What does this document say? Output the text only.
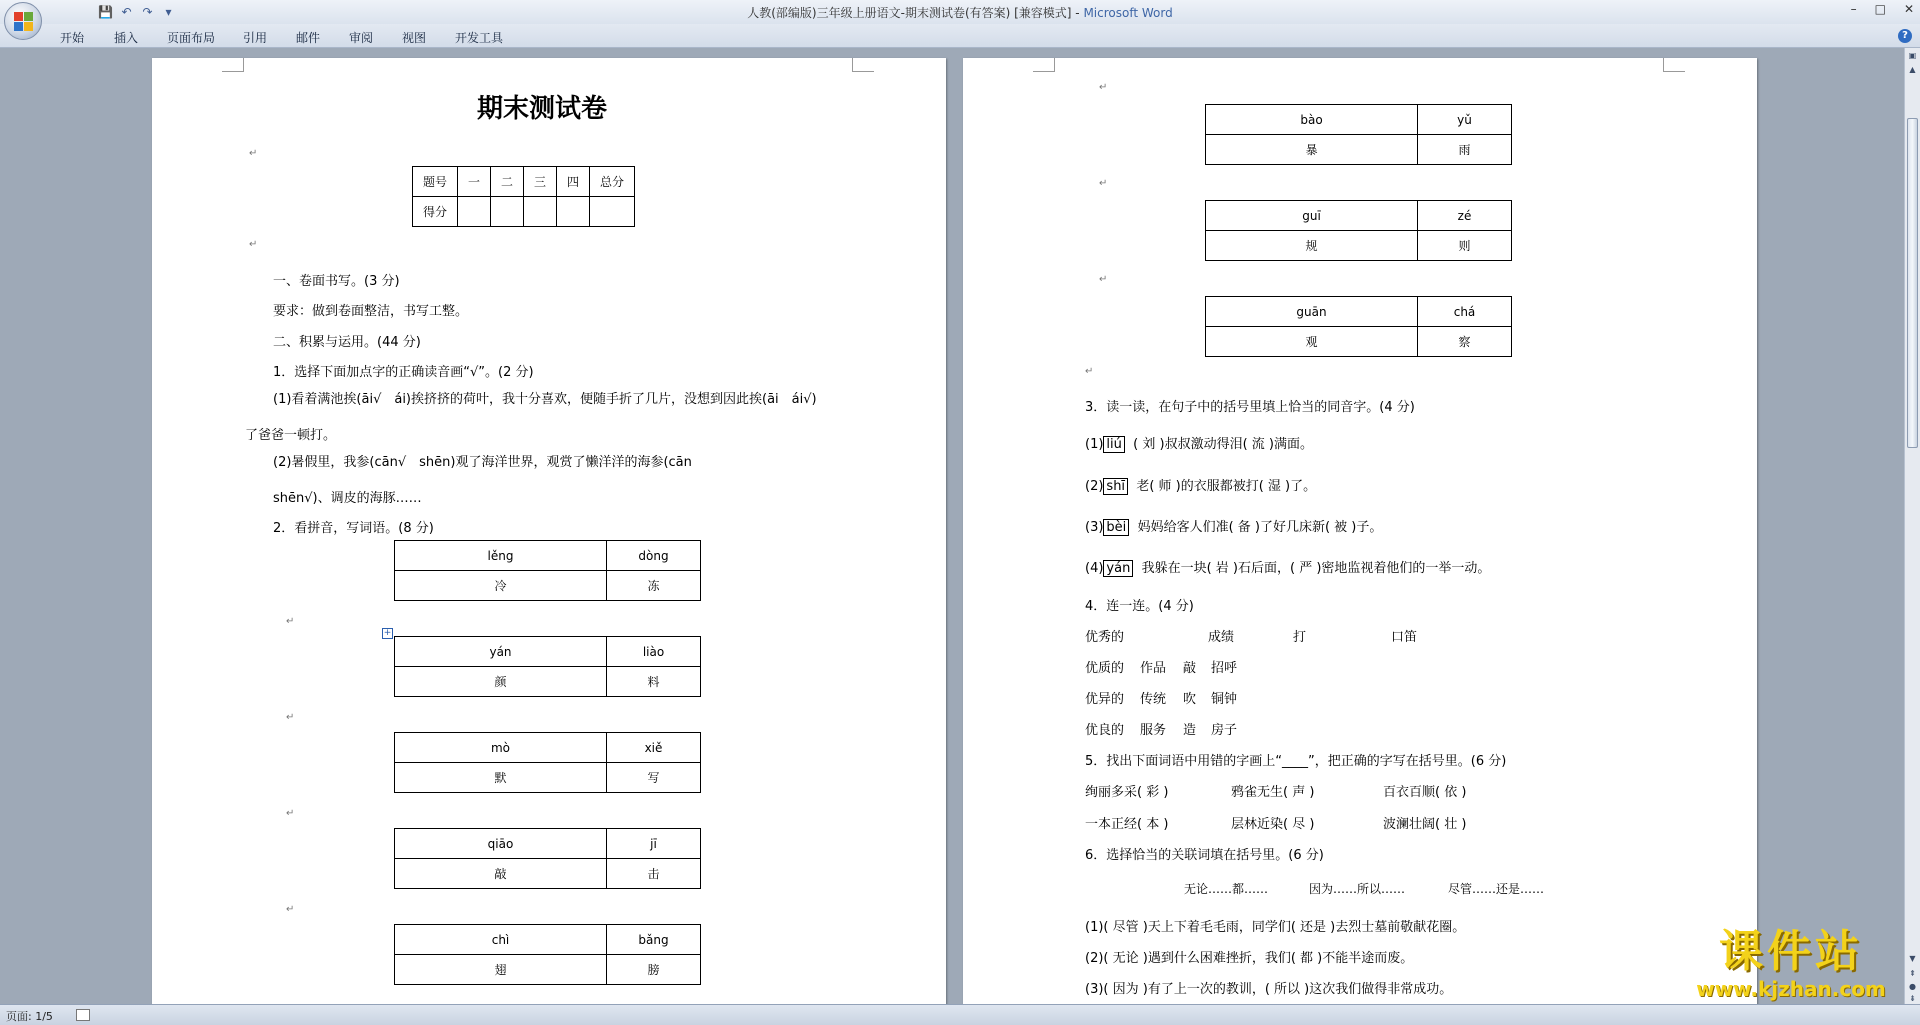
💾 ↶ ↷	▾	人教(部编版)三年级上册语文-期末测试卷(有答案) [兼容模式] - Microsoft Word	– □ ✕
开始 插入 页面布局 引用 邮件 审阅 视图 开发工具	?
期末测试卷
↵
题号	一	二	三	四	总分
得分					
↵
一、卷面书写。(3 分)
要求：做到卷面整洁，书写工整。
二、积累与运用。(44 分)
1．选择下面加点字的正确读音画“√”。(2 分)
(1)看着满池挨(āi√　ái)挨挤挤的荷叶，我十分喜欢，便随手折了几片，没想到因此挨(āi　ái√)
了爸爸一顿打。
(2)暑假里，我参(cān√　shēn)观了海洋世界，观赏了懒洋洋的海参(cān
shēn√)、调皮的海豚……
2．看拼音，写词语。(8 分)
lěng	dòng
冷	冻
↵
+
yán	liào
颜	料
↵
mò	xiě
默	写
↵
qiāo	jī
敲	击
↵
chì	bǎng
翅	膀
↵
bào	yǔ
暴	雨
↵
guī	zé
规	则
↵
guān	chá
观	察
↵
3．读一读，在句子中的括号里填上恰当的同音字。(4 分)
(1) liú ( 刘 )叔叔激动得泪( 流 )满面。
(2) shī 老( 师 )的衣服都被打( 湿 )了。
(3) bèi 妈妈给客人们准( 备 )了好几床新( 被 )子。
(4) yán 我躲在一块( 岩 )石后面，( 严 )密地监视着他们的一举一动。
4．连一连。(4 分)
优秀的	成绩	打	口笛
优质的 作品 敲 招呼
优异的 传统 吹 铜钟
优良的 服务 造 房子
5．找出下面词语中用错的字画上“____”，把正确的字写在括号里。(6 分)
绚丽多采( 彩 )	鸦雀无生( 声 )	百衣百顺( 依 )
一本正经( 本 )	层林近染( 尽 )	波澜壮阔( 壮 )
6．选择恰当的关联词填在括号里。(6 分)
无论……都……	因为……所以……	尽管……还是……
(1)( 尽管 )天上下着毛毛雨，同学们( 还是 )去烈士墓前敬献花圈。
(2)( 无论 )遇到什么困难挫折，我们( 都 )不能半途而废。
(3)( 因为 )有了上一次的教训，( 所以 )这次我们做得非常成功。
▣
▲
▼
⇞
●
⇟
页面: 1/5
课件站
www.kjzhan.com
